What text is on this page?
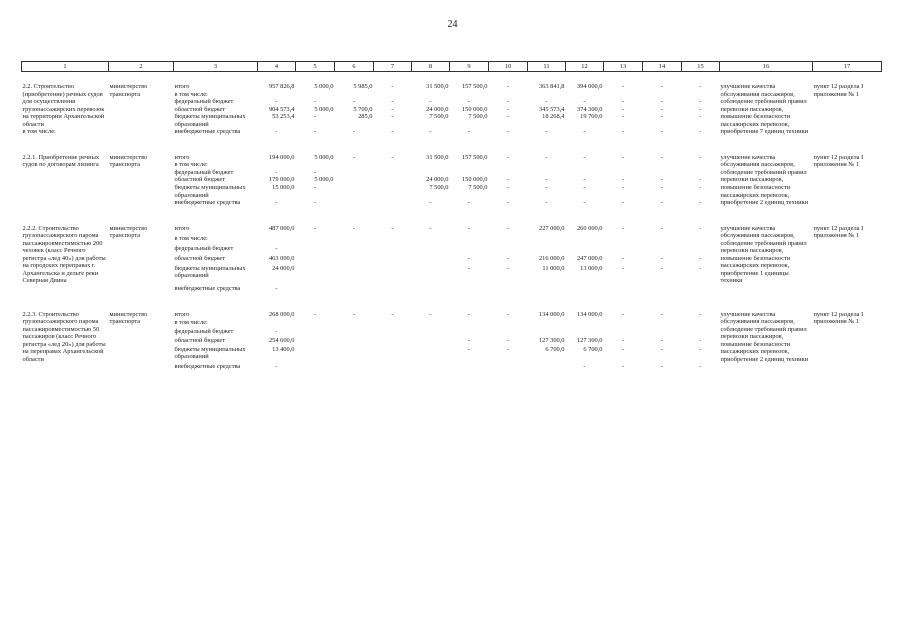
24
1	2	3	4	5	6	7	8	9	10	11	12	13	14	15	16	17

2.2. Строительство (приобретение) речных судов для осуществления грузопассажирских перевозок на территории Архангельской области	министерство транспорта	итого	957 826,8	5 000,0	5 985,0	-	31 500,0	157 500,0	-	363 841,8	394 000,0	-	-	-	улучшение качества обслуживания пассажиров, соблюдение требований правил перевозки пассажиров, повышение безопасности пассажирских перевозок, приобретение 7 единиц техники	пункт 12 раздела I приложения № 1
		в том числе:														
		федеральный бюджет	-	-	-	-	-	-	-	-	-	-	-	-		
		областной бюджет	904 573,4	5 000,0	5 700,0	-	24 000,0	150 000,0	-	345 573,4	374 300,0	-	-	-		
		бюджеты муниципальных образований	53 253,4	-	285,0	-	7 500,0	7 500,0	-	18 268,4	19 700,0	-	-	-		
в том числе:		внебюджетные средства	-	-	-	-	-	-	-	-	-	-	-	-		

2.2.1. Приобретение речных судов по договорам лизинга	министерство транспорта	итого	194 000,0	5 000,0	-	-	31 500,0	157 500,0	-	-	-	-	-	-	улучшение качества обслуживания пассажиров, соблюдение требований правил перевозки пассажиров, повышение безопасности пассажирских перевозок, приобретение 2 единиц техники	пункт 12 раздела I приложения № 1
		в том числе:														
		федеральный бюджет	-	-												
		областной бюджет	179 000,0	5 000,0			24 000,0	150 000,0	-	-	-	-	-	-		
		бюджеты муниципальных образований	15 000,0	-			7 500,0	7 500,0	-	-	-	-	-	-		
		внебюджетные средства	-	-			-	-	-	-	-	-	-	-		

2.2.2. Строительство грузопассажирского парома пассажировместимостью 200 человек (класс Речного регистра «лед 40») для работы на городских переправах г. Архангельска и дельте реки Северная Двина	министерство транспорта	итого	487 000,0	-	-	-	-	-	-	227 000,0	260 000,0	-	-	-	улучшение качества обслуживания пассажиров, соблюдение требований правил перевозки пассажиров, повышение безопасности пассажирских перевозок, приобретение 1 единицы техники	пункт 12 раздела I приложения № 1
		в том числе:														
		федеральный бюджет	-													
		областной бюджет	463 000,0					-	-	216 000,0	247 000,0	-	-	-		
		бюджеты муниципальных образований	24 000,0					-	-	11 000,0	13 000,0	-	-	-		
		внебюджетные средства	-													

2.2.3. Строительство грузопассажирского парома пассажировместимостью 50 пассажиров (класс Речного регистра «лед 20») для работы на переправах Архангельской области	министерство транспорта	итого	268 000,0	-	-	-	-	-	-	134 000,0	134 000,0	-	-	-	улучшение качества обслуживания пассажиров, соблюдение требований правил перевозки пассажиров, повышение безопасности пассажирских перевозок, приобретение 2 единиц техники	пункт 12 раздела I приложения № 1
		в том числе:														
		федеральный бюджет	-													
		областной бюджет	254 600,0					-	-	127 300,0	127 300,0	-	-	-		
		бюджеты муниципальных образований	13 400,0					-	-	6 700,0	6 700,0	-	-	-		
		внебюджетные средства	-								-	-	-	-		
